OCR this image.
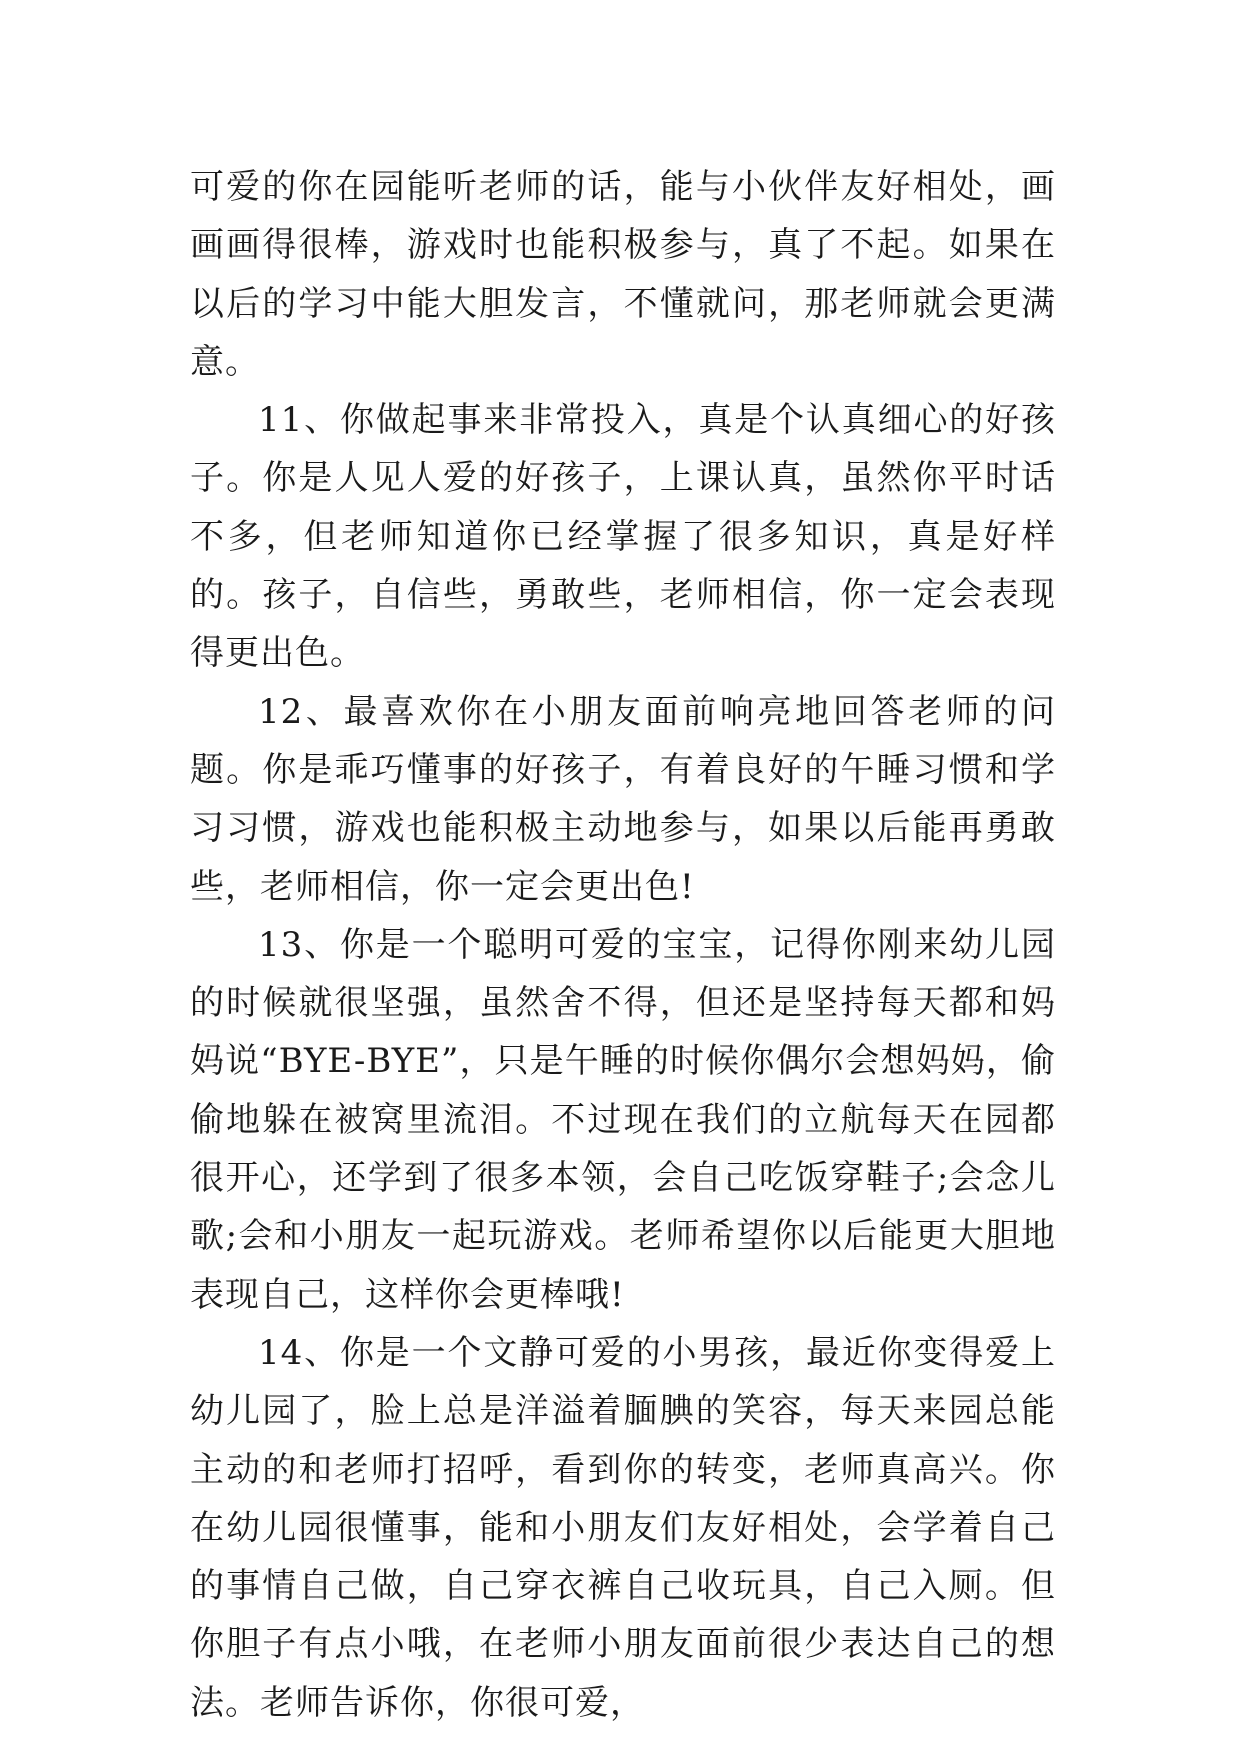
可爱的你在园能听老师的话，能与小伙伴友好相处，画画画得很棒，游戏时也能积极参与，真了不起。如果在以后的学习中能大胆发言，不懂就问，那老师就会更满意。

11、你做起事来非常投入，真是个认真细心的好孩子。你是人见人爱的好孩子，上课认真，虽然你平时话不多，但老师知道你已经掌握了很多知识，真是好样的。孩子，自信些，勇敢些，老师相信，你一定会表现得更出色。

12、最喜欢你在小朋友面前响亮地回答老师的问题。你是乖巧懂事的好孩子，有着良好的午睡习惯和学习习惯，游戏也能积极主动地参与，如果以后能再勇敢些，老师相信，你一定会更出色!

13、你是一个聪明可爱的宝宝，记得你刚来幼儿园的时候就很坚强，虽然舍不得，但还是坚持每天都和妈妈说“BYE-BYE”，只是午睡的时候你偶尔会想妈妈，偷偷地躲在被窝里流泪。不过现在我们的立航每天在园都很开心，还学到了很多本领，会自己吃饭穿鞋子;会念儿歌;会和小朋友一起玩游戏。老师希望你以后能更大胆地表现自己，这样你会更棒哦!

14、你是一个文静可爱的小男孩，最近你变得爱上幼儿园了，脸上总是洋溢着腼腆的笑容，每天来园总能主动的和老师打招呼，看到你的转变，老师真高兴。你在幼儿园很懂事，能和小朋友们友好相处，会学着自己的事情自己做，自己穿衣裤自己收玩具，自己入厕。但你胆子有点小哦，在老师小朋友面前很少表达自己的想法。老师告诉你，你很可爱，
